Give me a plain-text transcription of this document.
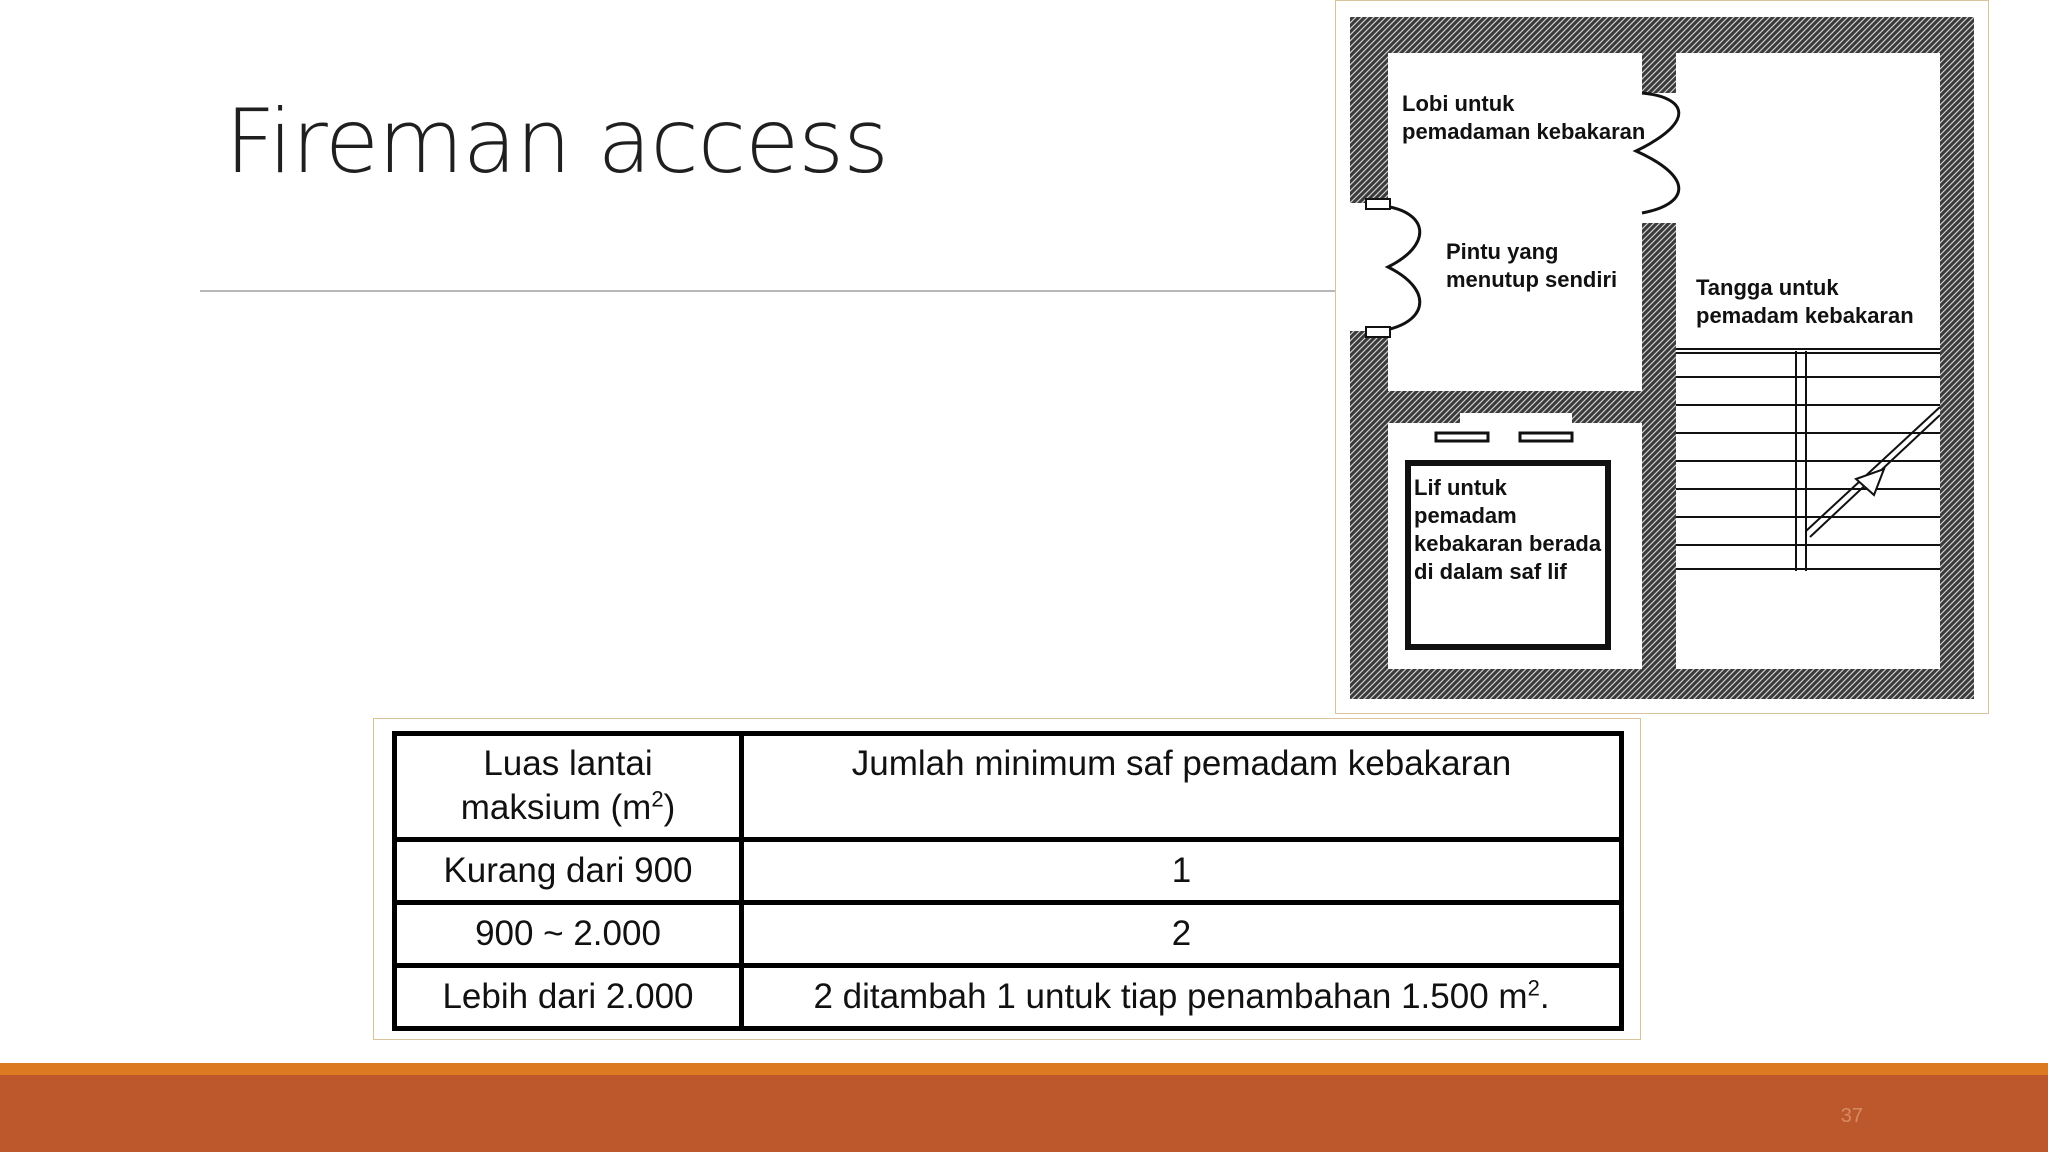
Fireman access	Lobi untuk
pemadaman kebakaran
Pintu yang
menutup sendiri	Tangga untuk
pemadam kebakaran
Lif untuk
pemadam
kebakaran berada
di dalam saf lif
Luas lantai
maksium $(m^2)$	Jumlah minimum saf pemadam kebakaran
Kurang dari 900	1
900 ~ 2.000	2
Lebih dari 2.000	2 ditambah 1 untuk tiap penambahan 1.500 $m^2$.
37
